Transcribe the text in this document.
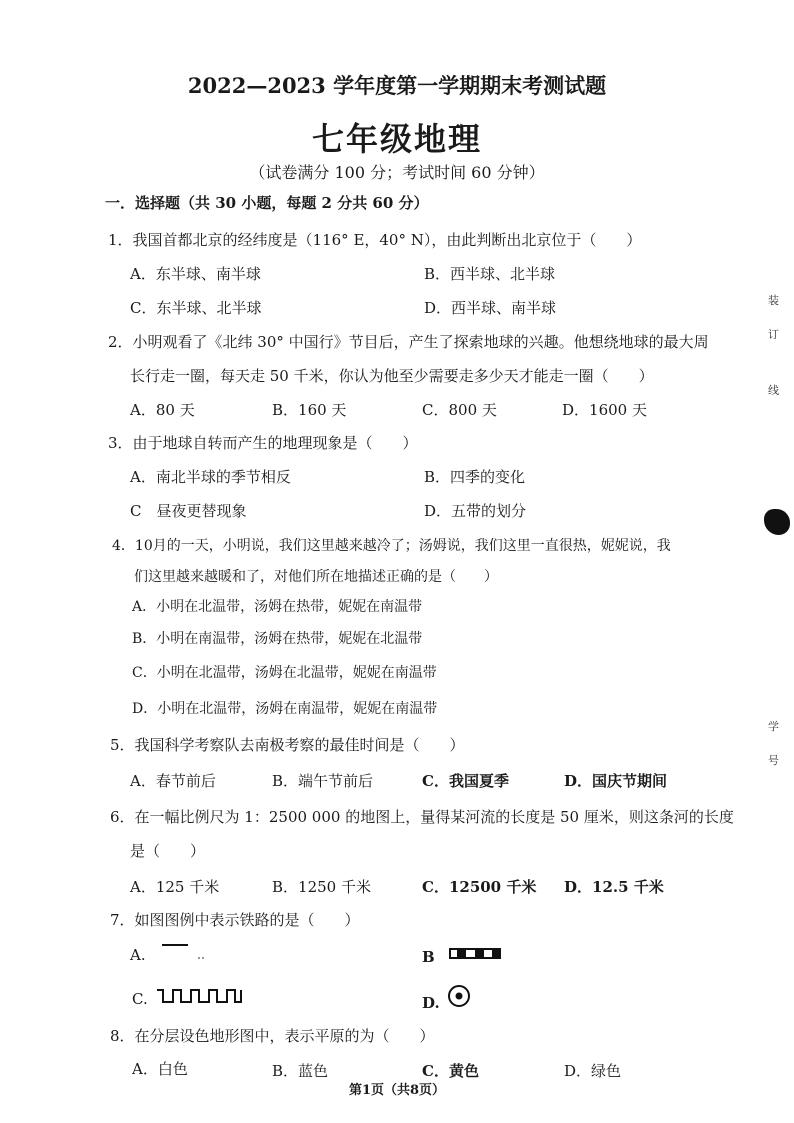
2022—2023 学年度第一学期期末考测试题
七年级地理
（试卷满分 100 分；考试时间 60 分钟）
一．选择题（共 30 小题，每题 2 分共 60 分）
1．我国首都北京的经纬度是（116° E，40° N），由此判断出北京位于（　　）
A．东半球、南半球	B．西半球、北半球
C．东半球、北半球	D．西半球、南半球
2．小明观看了《北纬 30° 中国行》节目后，产生了探索地球的兴趣。他想绕地球的最大周
长行走一圈，每天走 50 千米，你认为他至少需要走多少天才能走一圈（　　）
A．80 天	B．160 天	C．800 天	D．1600 天
3．由于地球自转而产生的地理现象是（　　）
A．南北半球的季节相反	B．四季的变化
C　昼夜更替现象	D．五带的划分
4．10月的一天，小明说，我们这里越来越冷了；汤姆说，我们这里一直很热，妮妮说，我
们这里越来越暖和了，对他们所在地描述正确的是（　　）
A．小明在北温带，汤姆在热带，妮妮在南温带
B．小明在南温带，汤姆在热带，妮妮在北温带
C．小明在北温带，汤姆在北温带，妮妮在南温带
D．小明在北温带，汤姆在南温带，妮妮在南温带
5．我国科学考察队去南极考察的最佳时间是（　　）
A．春节前后	B．端午节前后	C．我国夏季	D．国庆节期间
6．在一幅比例尺为 1：2500 000 的地图上，量得某河流的长度是 50 厘米，则这条河的长度
是（　　）
A．125 千米	B．1250 千米	C．12500 千米 D．12.5 千米
7．如图图例中表示铁路的是（　　）
A.	B
C.	D.
8．在分层设色地形图中，表示平原的为（　　）
A．白色	B．蓝色	C．黄色	D．绿色
第1页（共8页）
装
订
线
学
号
